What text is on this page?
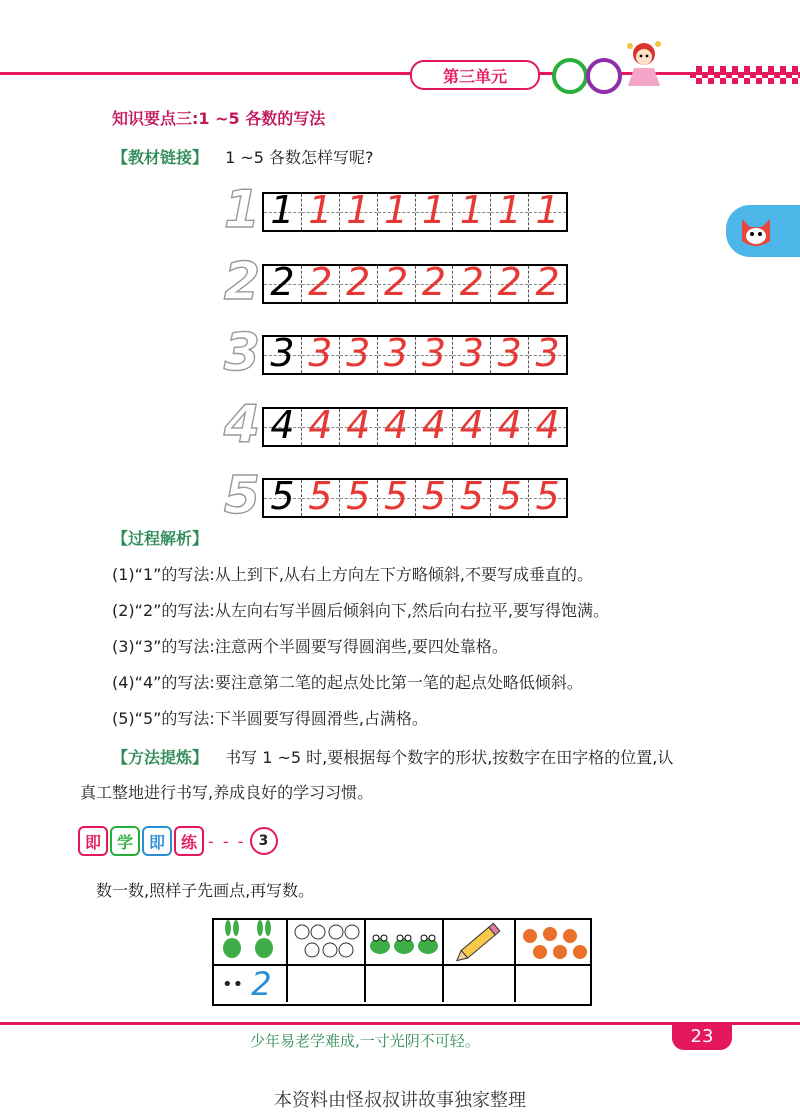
第三单元
知识要点三:1 ~5 各数的写法
【教材链接】 1 ~5 各数怎样写呢?
1 1 1 1 1 1 1 1 1
2 2 2 2 2 2 2 2 2
3 3 3 3 3 3 3 3 3
4 4 4 4 4 4 4 4 4
5 5 5 5 5 5 5 5 5
【过程解析】
(1)“1”的写法:从上到下,从右上方向左下方略倾斜,不要写成垂直的。
(2)“2”的写法:从左向右写半圆后倾斜向下,然后向右拉平,要写得饱满。
(3)“3”的写法:注意两个半圆要写得圆润些,要四处靠格。
(4)“4”的写法:要注意第二笔的起点处比第一笔的起点处略低倾斜。
(5)“5”的写法:下半圆要写得圆滑些,占满格。
【方法提炼】 书写 1 ~5 时,要根据每个数字的形状,按数字在田字格的位置,认
真工整地进行书写,养成良好的学习习惯。
即 学 即 练 - - - 3
数一数,照样子先画点,再写数。
•• 2
少年易老学难成,一寸光阴不可轻。	23
本资料由怪叔叔讲故事独家整理
